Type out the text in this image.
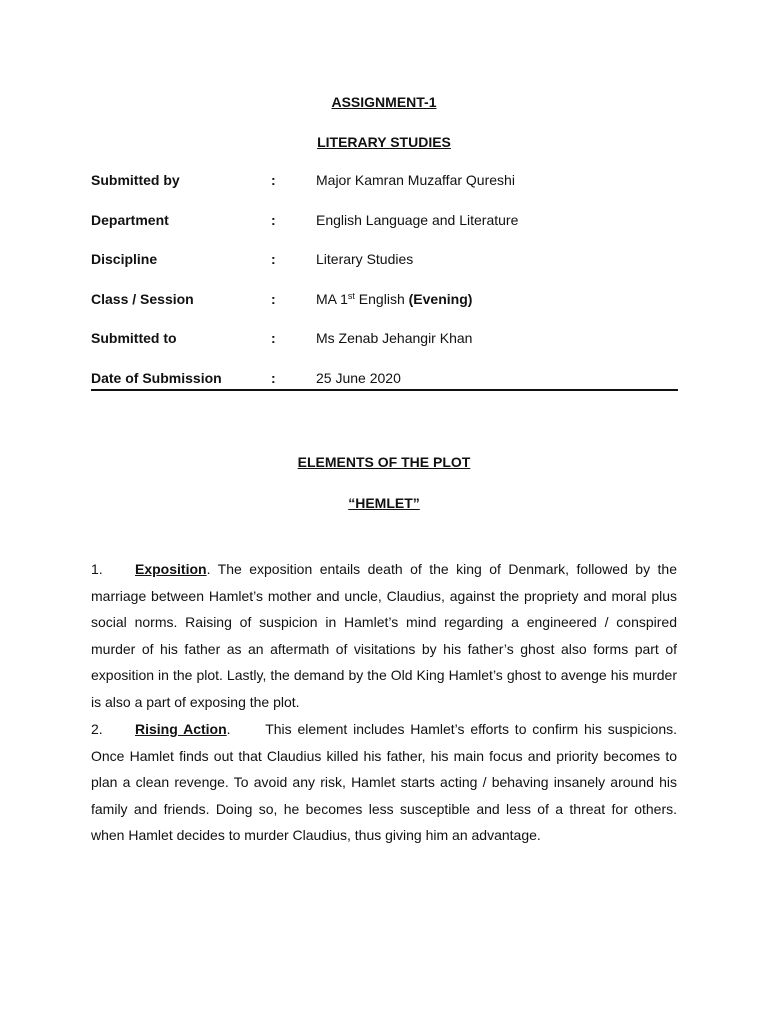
ASSIGNMENT-1

LITERARY STUDIES

Submitted by	:	Major Kamran Muzaffar Qureshi
Department	:	English Language and Literature
Discipline	:	Literary Studies
Class / Session	:	MA 1st English (Evening)
Submitted to	:	Ms Zenab Jehangir Khan
Date of Submission	:	25 June 2020

ELEMENTS OF THE PLOT

“HEMLET”

1. Exposition. The exposition entails death of the king of Denmark, followed by the marriage between Hamlet’s mother and uncle, Claudius, against the propriety and moral plus social norms. Raising of suspicion in Hamlet’s mind regarding a engineered / conspired murder of his father as an aftermath of visitations by his father’s ghost also forms part of exposition in the plot. Lastly, the demand by the Old King Hamlet’s ghost to avenge his murder is also a part of exposing the plot.

2. Rising Action.      This element includes Hamlet’s efforts to confirm his suspicions. Once Hamlet finds out that Claudius killed his father, his main focus and priority becomes to plan a clean revenge. To avoid any risk, Hamlet starts acting / behaving insanely around his family and friends. Doing so, he becomes less susceptible and less of a threat for others. when Hamlet decides to murder Claudius, thus giving him an advantage.
